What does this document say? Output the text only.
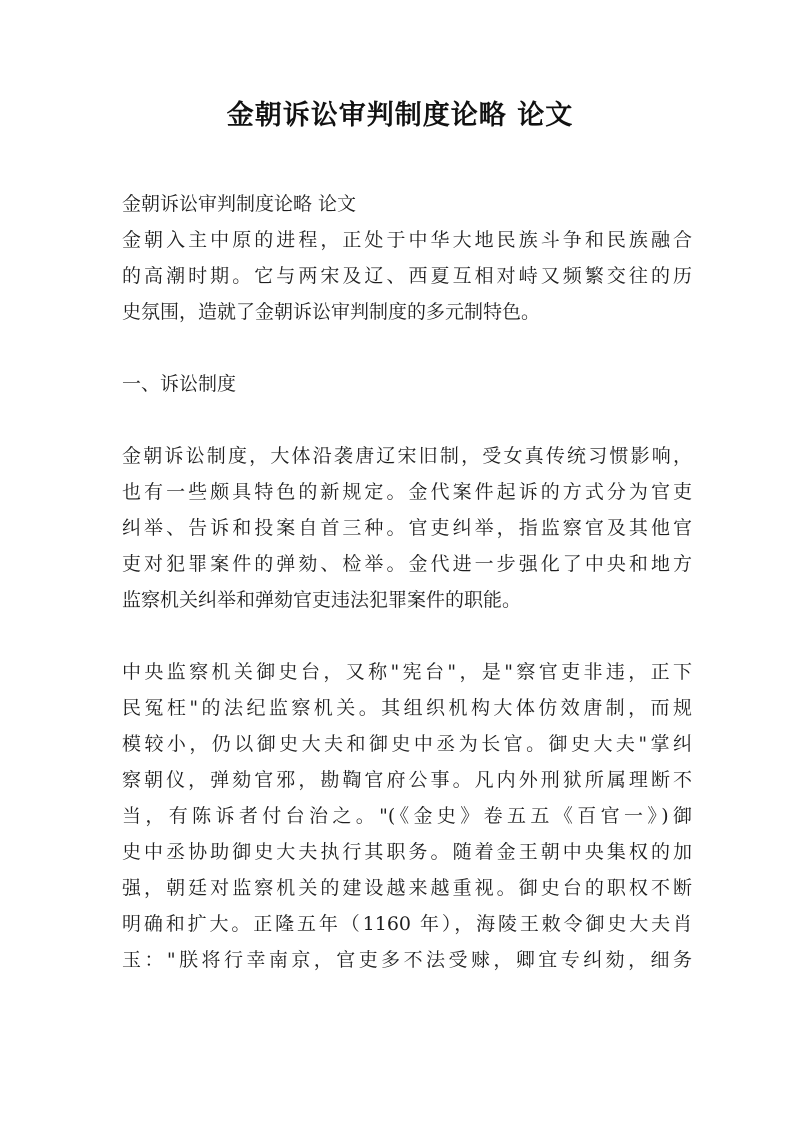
金朝诉讼审判制度论略 论文
金朝诉讼审判制度论略 论文
金朝入主中原的进程，正处于中华大地民族斗争和民族融合
的高潮时期。它与两宋及辽、西夏互相对峙又频繁交往的历
史氛围，造就了金朝诉讼审判制度的多元制特色。
一、诉讼制度
金朝诉讼制度，大体沿袭唐辽宋旧制，受女真传统习惯影响，
也有一些颇具特色的新规定。金代案件起诉的方式分为官吏
纠举、告诉和投案自首三种。官吏纠举，指监察官及其他官
吏对犯罪案件的弹劾、检举。金代进一步强化了中央和地方
监察机关纠举和弹劾官吏违法犯罪案件的职能。
中央监察机关御史台，又称"宪台"，是"察官吏非违，正下
民冤枉"的法纪监察机关。其组织机构大体仿效唐制，而规
模较小，仍以御史大夫和御史中丞为长官。御史大夫"掌纠
察朝仪，弹劾官邪，勘鞫官府公事。凡内外刑狱所属理断不
当，有陈诉者付台治之。"(《金史》卷五五《百官一》)御
史中丞协助御史大夫执行其职务。随着金王朝中央集权的加
强，朝廷对监察机关的建设越来越重视。御史台的职权不断
明确和扩大。正隆五年（1160 年），海陵王敕令御史大夫肖
玉："朕将行幸南京，官吏多不法受赇，卿宜专纠劾，细务
